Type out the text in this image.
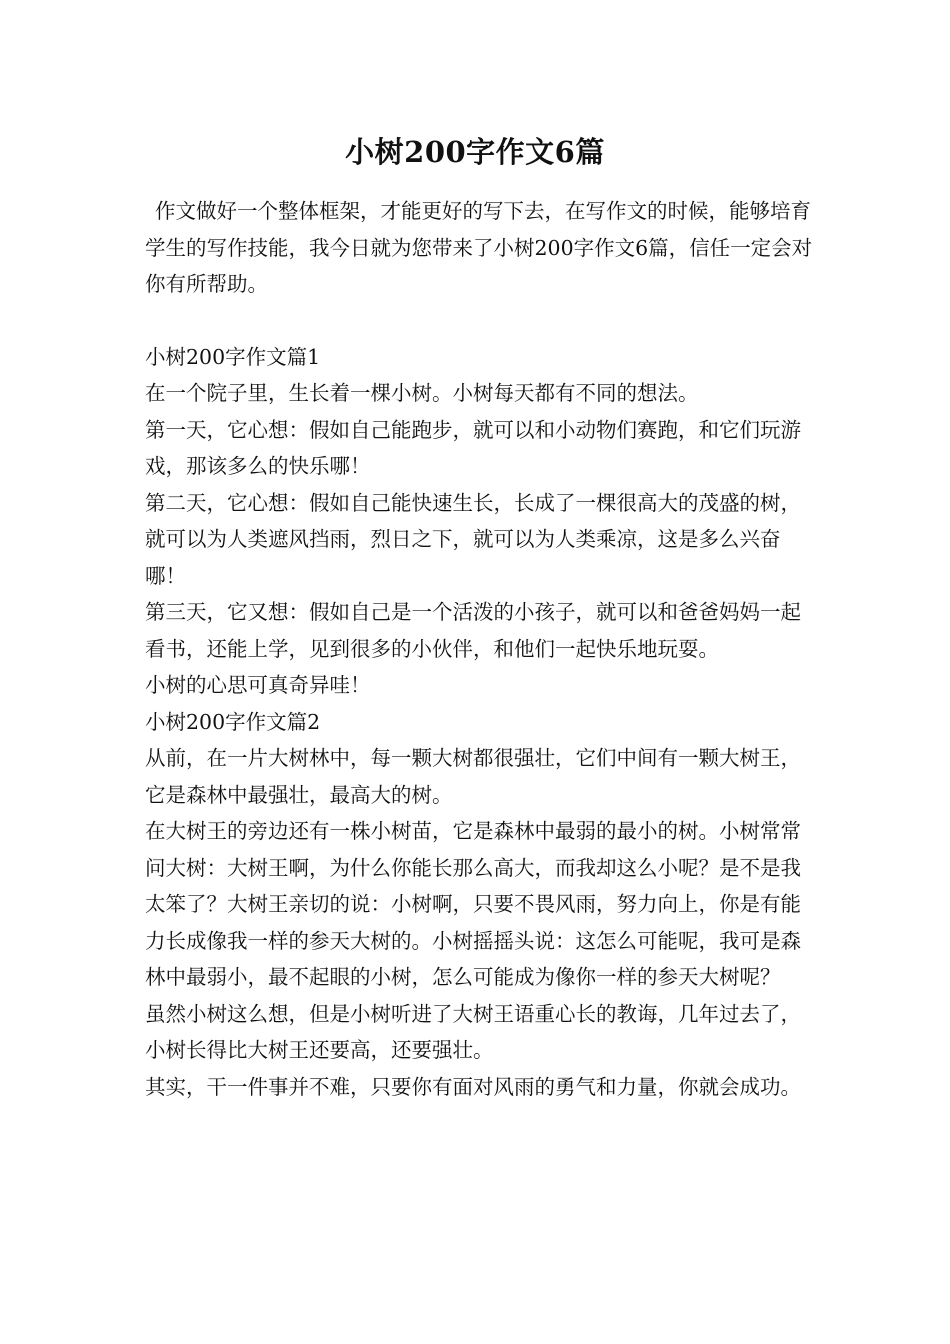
小树200字作文6篇

作文做好一个整体框架，才能更好的写下去，在写作文的时候，能够培育学生的写作技能，我今日就为您带来了小树200字作文6篇，信任一定会对你有所帮助。

小树200字作文篇1

在一个院子里，生长着一棵小树。小树每天都有不同的想法。

第一天，它心想：假如自己能跑步，就可以和小动物们赛跑，和它们玩游戏，那该多么的快乐哪！

第二天，它心想：假如自己能快速生长，长成了一棵很高大的茂盛的树，就可以为人类遮风挡雨，烈日之下，就可以为人类乘凉，这是多么兴奋哪！

第三天，它又想：假如自己是一个活泼的小孩子，就可以和爸爸妈妈一起看书，还能上学，见到很多的小伙伴，和他们一起快乐地玩耍。

小树的心思可真奇异哇！

小树200字作文篇2

从前，在一片大树林中，每一颗大树都很强壮，它们中间有一颗大树王，它是森林中最强壮，最高大的树。

在大树王的旁边还有一株小树苗，它是森林中最弱的最小的树。小树常常问大树：大树王啊，为什么你能长那么高大，而我却这么小呢？是不是我太笨了？大树王亲切的说：小树啊，只要不畏风雨，努力向上，你是有能力长成像我一样的参天大树的。小树摇摇头说：这怎么可能呢，我可是森林中最弱小，最不起眼的小树，怎么可能成为像你一样的参天大树呢？

虽然小树这么想，但是小树听进了大树王语重心长的教诲，几年过去了，小树长得比大树王还要高，还要强壮。

其实，干一件事并不难，只要你有面对风雨的勇气和力量，你就会成功。
